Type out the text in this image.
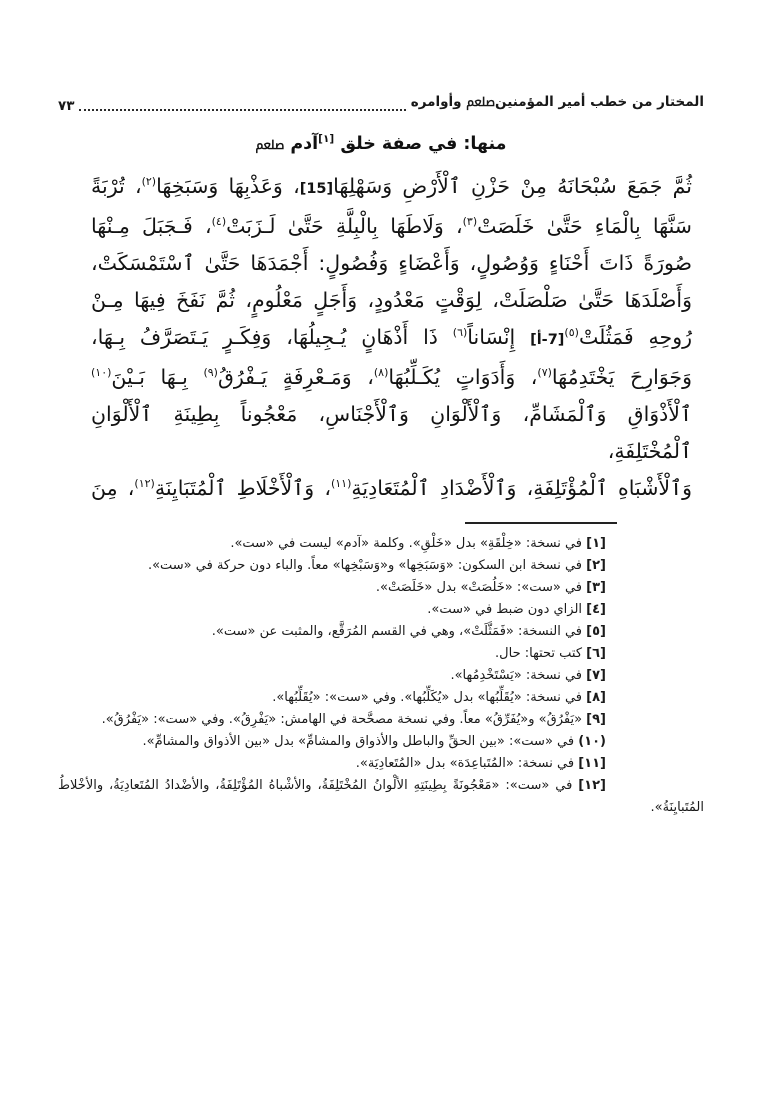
المختار من خطب أمير المؤمنينﷵ وأوامره
٧٣
منها: في صفة خلق [١]آدم ﷵ
ثُمَّ جَمَعَ سُبْحَانَهُ مِنْ حَزْنِ ٱلْأَرْضِ وَسَهْلِهَا[15]، وَعَذْبِهَا وَسَبَخِهَا$^{(٢)}$، تُرْبَةً
سَنَّهَا بِالْمَاءِ حَتَّىٰ خَلَصَتْ$^{(٣)}$، وَلَاطَهَا بِالْبِلَّةِ حَتَّىٰ لَـزَبَتْ$^{(٤)}$، فَـجَبَلَ مِـنْهَا
صُورَةً ذَاتَ أَحْنَاءٍ وَوُصُولٍ، وَأَعْضَاءٍ وَفُصُولٍ: أَجْمَدَهَا حَتَّىٰ ٱسْتَمْسَكَتْ،
وَأَصْلَدَهَا حَتَّىٰ صَلْصَلَتْ، لِوَقْتٍ مَعْدُودٍ، وَأَجَلٍ مَعْلُومٍ، ثُمَّ نَفَخَ فِيهَا مِـنْ
رُوحِهِ فَمَثُلَتْ$^{(٥)}$[7-أ] إِنْسَاناً$^{(٦)}$ ذَا أَذْهَانٍ يُـجِيلُهَا، وَفِكَـرٍ يَـتَصَرَّفُ بِـهَا،
وَجَوَارِحَ يَخْتَدِمُهَا$^{(٧)}$، وَأَدَوَاتٍ يُكَـلِّبُهَا$^{(٨)}$، وَمَـعْرِفَةٍ يَـفْرُقُ$^{(٩)}$ بِـهَا بَـيْنَ$^{(١٠)}$
ٱلْأَذْوَاقِ وَٱلْمَشَامِّ، وَٱلْأَلْوَانِ وَٱلْأَجْنَاسِ، مَعْجُوناً بِطِينَةِ ٱلْأَلْوَانِ ٱلْمُخْتَلِفَةِ،
وَٱلْأَشْبَاهِ ٱلْمُؤْتَلِفَةِ، وَٱلْأَضْدَادِ ٱلْمُتَعَادِيَةِ$^{(١١)}$، وَٱلْأَخْلَاطِ ٱلْمُتَبَايِنَةِ$^{(١٢)}$، مِنَ

[١] في نسخة: «خِلْقَةِ» بدل «خَلْقِ». وكلمة «آدم» ليست في «ست».

[٢] في نسخة ابن السكون: «وَسَبَخِها» و«وَسَبْخِها» معاً. والباء دون حركة في «ست».

[٣] في «ست»: «خَلُصَتْ» بدل «خَلَصَتْ».

[٤] الزاي دون ضبط في «ست».

[٥] في النسخة: «فَمَثَّلَتْ»، وهي في القسم المُرَقَّع، والمثبت عن «ست».

[٦] كتب تحتها: حال.

[٧] في نسخة: «يَسْتَخْدِمُها».

[٨] في نسخة: «يُقَلِّبُها» بدل «يُكَلِّبُها». وفي «ست»: «يُقَلِّبُها».

[٩] «يَفْرُقُ» و«يُفَرِّقُ» معاً. وفي نسخة مصحَّحة في الهامش: «يَفْرِقُ». وفي «ست»: «يَفْرُقُ».

(١٠) في «ست»: «بين الحقِّ والباطل والأذواق والمشامِّ» بدل «بين الأذواق والمشامِّ».

[١١] في نسخة: «المُتَباعِدَة» بدل «المُتَعادِيَة».

[١٢] في «ست»: «مَعْجُونَةً بِطِينَتِهِ الألْوانُ المُخْتَلِفَةُ، والأشْباهُ المُؤْتَلِفَةُ، والأضْدادُ المُتَعادِيَةُ، والأخْلاطُ المُتَبايِنَةُ».
